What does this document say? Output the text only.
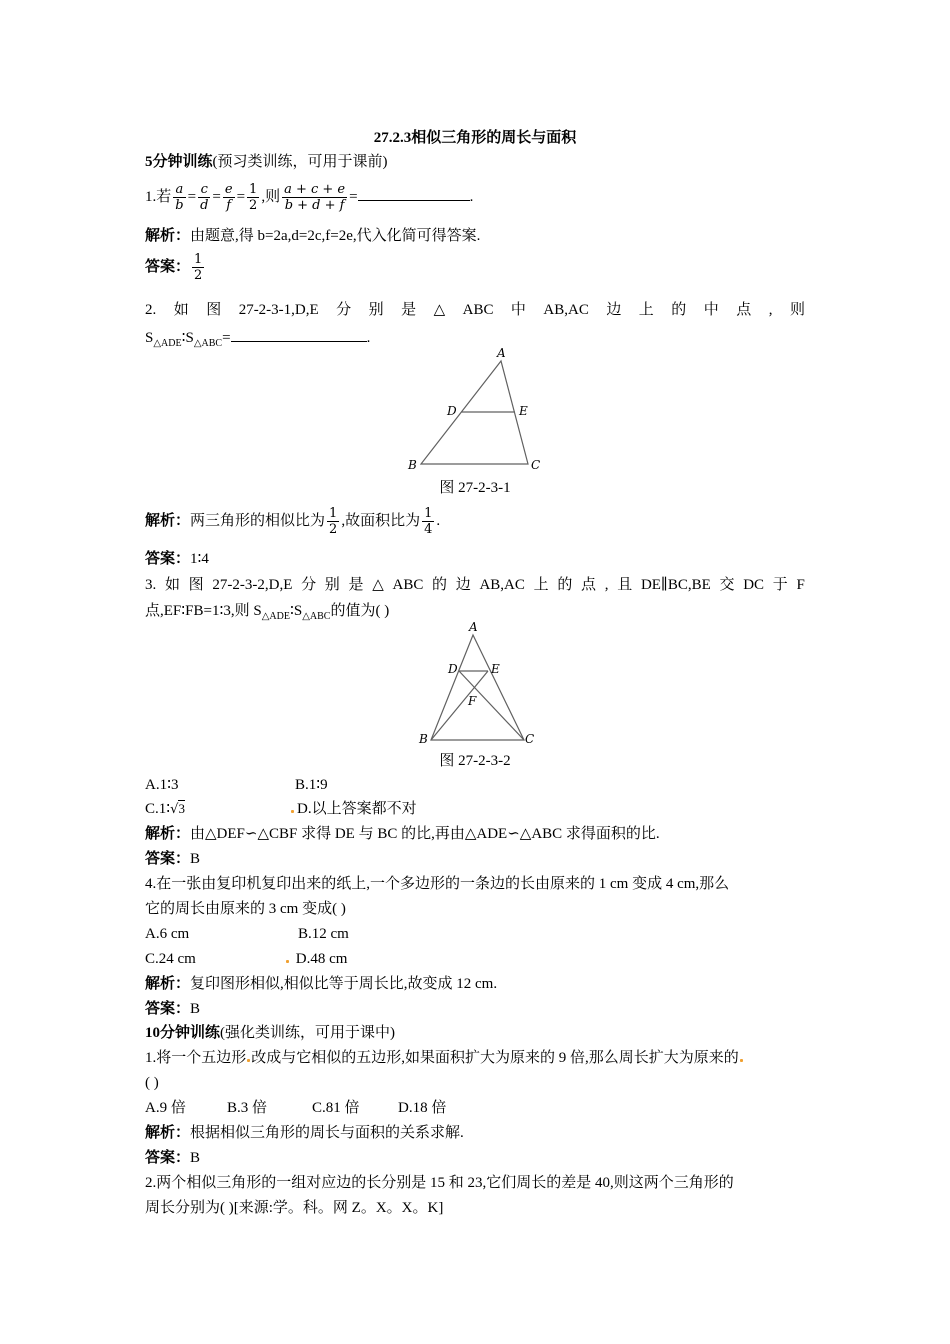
27.2.3相似三角形的周长与面积
5分钟训练(预习类训练，可用于课前)
1.若 $\frac{a}{b} = \frac{c}{d} = \frac{e}{f} = \frac{1}{2}$ ,则 $\frac{a + c + e}{b + d + f}$ =	.
解析：由题意,得 b=2a,d=2c,f=2e,代入化简可得答案.
答案： $\frac{1}{2}$
2. 如 图 27-2-3-1,D,E 分 别 是 △ ABC 中 AB,AC 边 上 的 中 点 , 则
$S_{\triangle ADE}∶S_{\triangle ABC}=$	.
A
B	C
D	E
图 27-2-3-1
解析：两三角形的相似比为 $\frac{1}{2}$ ,故面积比为 $\frac{1}{4}$ .
答案：1∶4
3. 如 图 27-2-3-2,D,E 分 别 是 △ ABC 的 边 AB,AC 上 的 点 , 且 DE∥BC,BE 交 DC 于 F
点,EF∶FB=1∶3,则 $S_{\triangle ADE}∶S_{\triangle ABC}$的值为( )
A
B	C
D	E
F
图 27-2-3-2
A.1∶3	B.1∶9
C.1∶√3	D.以上答案都不对
解析：由△DEF∽△CBF 求得 DE 与 BC 的比,再由△ADE∽△ABC 求得面积的比.
答案：B
4.在一张由复印机复印出来的纸上,一个多边形的一条边的长由原来的 1 cm 变成 4 cm,那么
它的周长由原来的 3 cm 变成( )
A.6 cm	B.12 cm
C.24 cm	D.48 cm
解析：复印图形相似,相似比等于周长比,故变成 12 cm.
答案：B
10分钟训练(强化类训练，可用于课中)
1.将一个五边形 改成与它相似的五边形,如果面积扩大为原来的 9 倍,那么周长扩大为原来的
( )
A.9 倍	B.3 倍	C.81 倍	D.18 倍
解析：根据相似三角形的周长与面积的关系求解.
答案：B
2.两个相似三角形的一组对应边的长分别是 15 和 23,它们周长的差是 40,则这两个三角形的
周长分别为( )[来源:学。科。网 Z。X。X。K]
